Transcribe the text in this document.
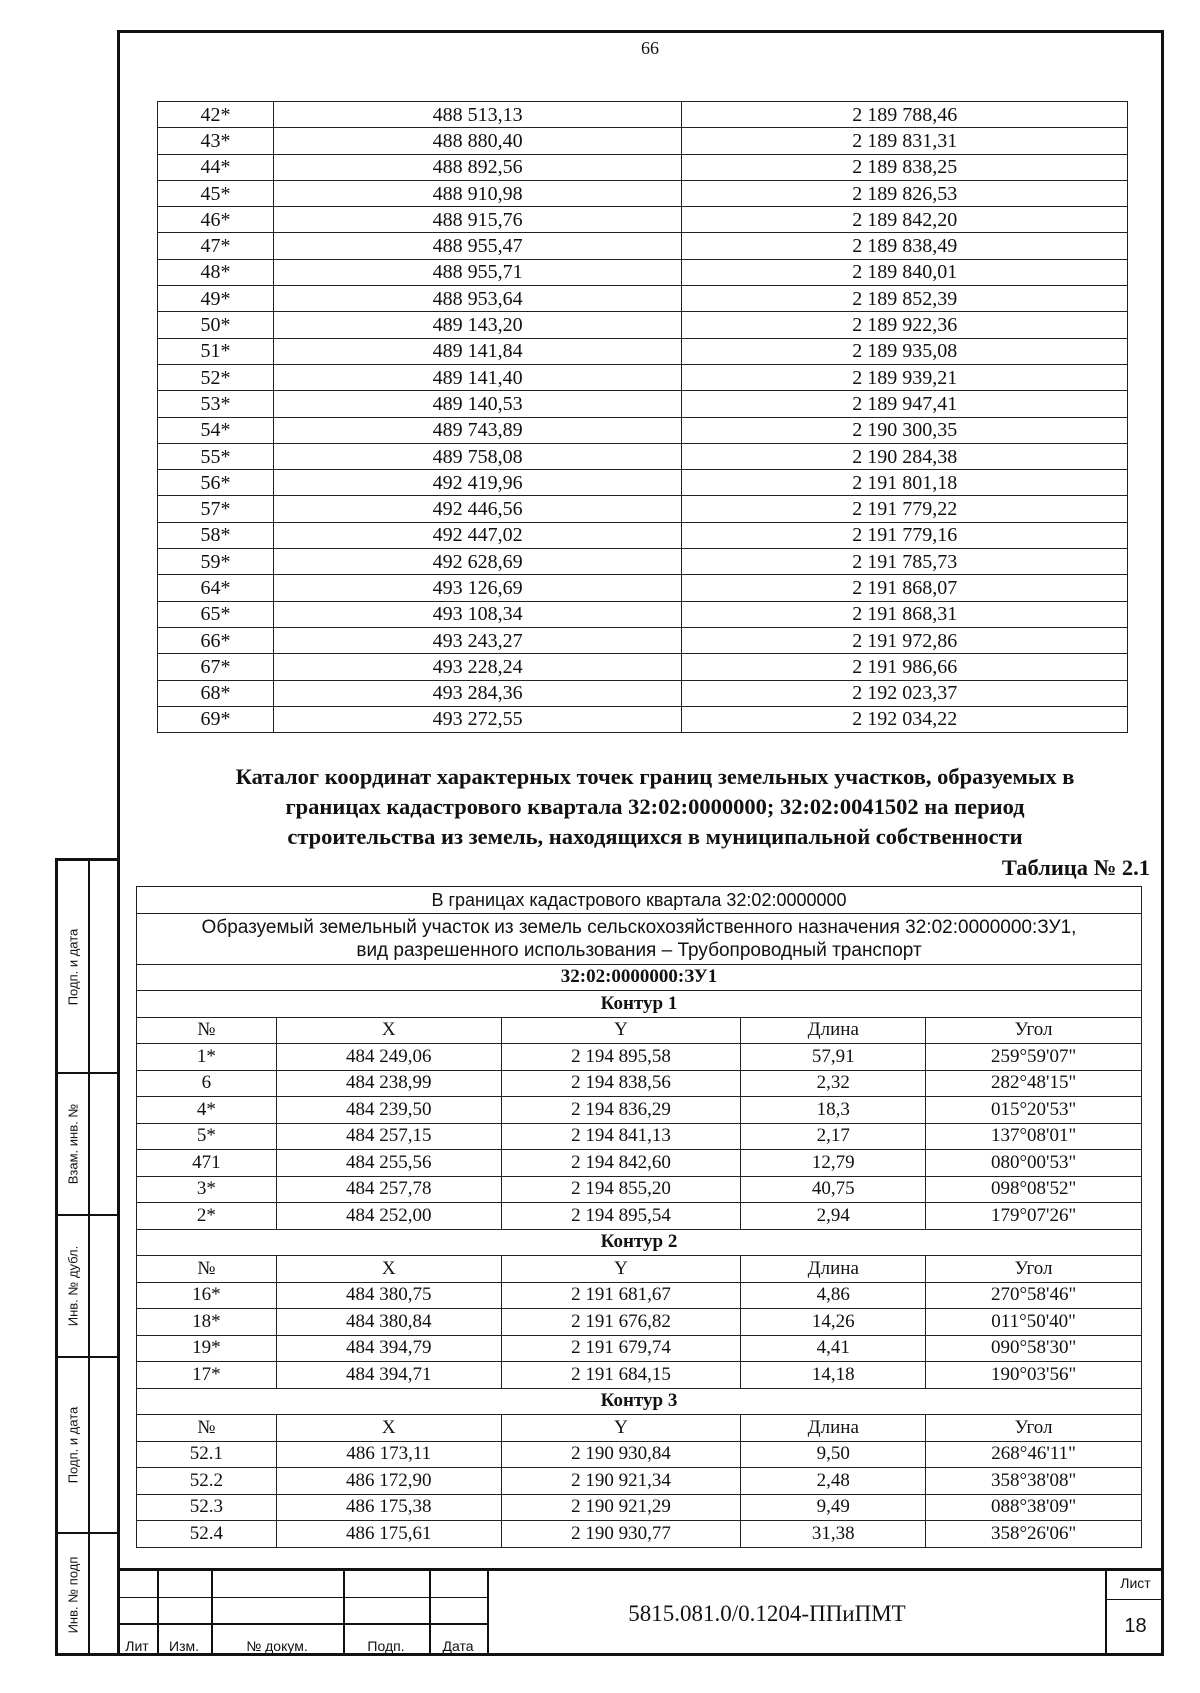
66
42*	488 513,13	2 189 788,46
43*	488 880,40	2 189 831,31
44*	488 892,56	2 189 838,25
45*	488 910,98	2 189 826,53
46*	488 915,76	2 189 842,20
47*	488 955,47	2 189 838,49
48*	488 955,71	2 189 840,01
49*	488 953,64	2 189 852,39
50*	489 143,20	2 189 922,36
51*	489 141,84	2 189 935,08
52*	489 141,40	2 189 939,21
53*	489 140,53	2 189 947,41
54*	489 743,89	2 190 300,35
55*	489 758,08	2 190 284,38
56*	492 419,96	2 191 801,18
57*	492 446,56	2 191 779,22
58*	492 447,02	2 191 779,16
59*	492 628,69	2 191 785,73
64*	493 126,69	2 191 868,07
65*	493 108,34	2 191 868,31
66*	493 243,27	2 191 972,86
67*	493 228,24	2 191 986,66
68*	493 284,36	2 192 023,37
69*	493 272,55	2 192 034,22
Каталог координат характерных точек границ земельных участков, образуемых в
границах кадастрового квартала 32:02:0000000; 32:02:0041502 на период
строительства из земель, находящихся в муниципальной собственности
Таблица № 2.1
В границах кадастрового квартала 32:02:0000000				

Образуемый земельный участок из земель сельскохозяйственного назначения 32:02:0000000:ЗУ1,
вид разрешенного использования – Трубопроводный транспорт				

32:02:0000000:ЗУ1				
Контур 1				
№	X	Y	Длина	Угол
1*	484 249,06	2 194 895,58	57,91	259°59'07"
6	484 238,99	2 194 838,56	2,32	282°48'15"
4*	484 239,50	2 194 836,29	18,3	015°20'53"
5*	484 257,15	2 194 841,13	2,17	137°08'01"
471	484 255,56	2 194 842,60	12,79	080°00'53"
3*	484 257,78	2 194 855,20	40,75	098°08'52"
2*	484 252,00	2 194 895,54	2,94	179°07'26"
Контур 2				
№	X	Y	Длина	Угол
16*	484 380,75	2 191 681,67	4,86	270°58'46"
18*	484 380,84	2 191 676,82	14,26	011°50'40"
19*	484 394,79	2 191 679,74	4,41	090°58'30"
17*	484 394,71	2 191 684,15	14,18	190°03'56"
Контур 3				
№	X	Y	Длина	Угол
52.1	486 173,11	2 190 930,84	9,50	268°46'11"
52.2	486 172,90	2 190 921,34	2,48	358°38'08"
52.3	486 175,38	2 190 921,29	9,49	088°38'09"
52.4	486 175,61	2 190 930,77	31,38	358°26'06"
Подп. и дата
Взам. инв. №
Инв. № дубл.
Подп. и дата
Инв. № подп
Лит	Изм.	№ докум.	Подп.	Дата
5815.081.0/0.1204-ППиПМТ
Лист
18
